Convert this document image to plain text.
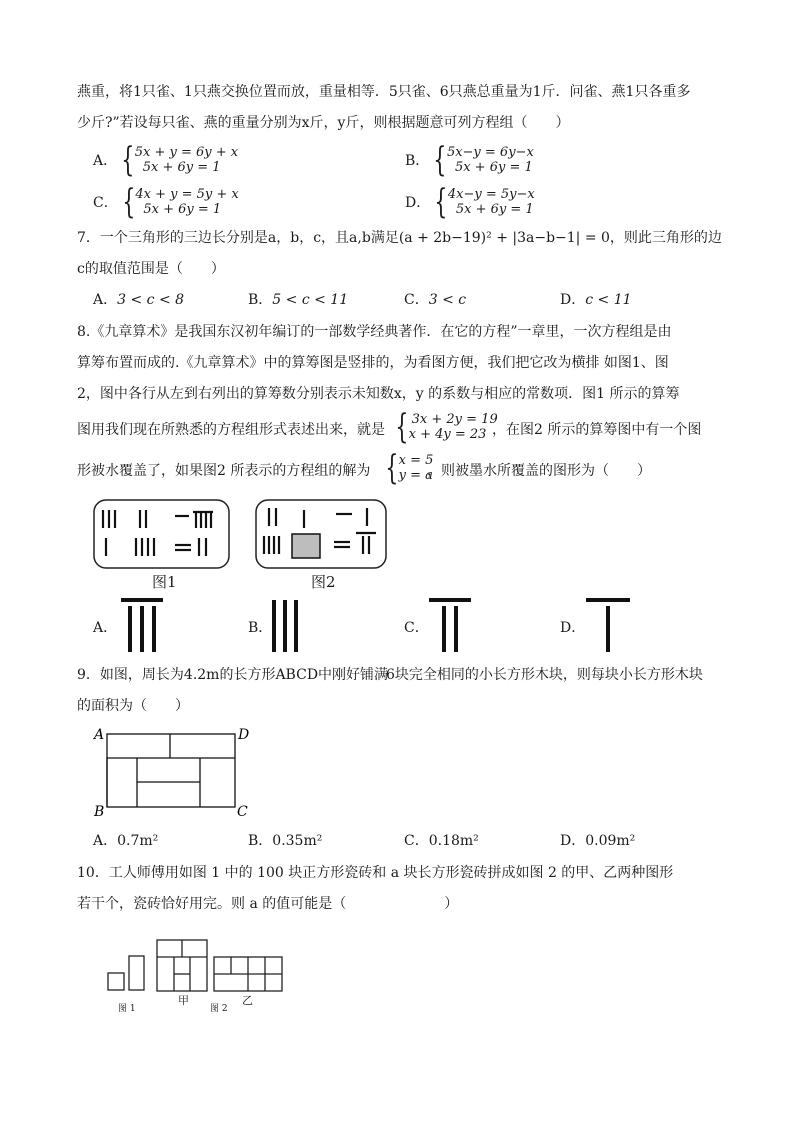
燕重，将1只雀、1只燕交换位置而放，重量相等．5只雀、6只燕总重量为1斤．问雀、燕1只各重多
少斤?”若设每只雀、燕的重量分别为x斤，y斤，则根据题意可列方程组（　　）
A． { 5x + y = 6y + x
5x + 6y = 1	B． { 5x−y = 6y−x
5x + 6y = 1
C． { 4x + y = 5y + x
5x + 6y = 1	D． { 4x−y = 5y−x
5x + 6y = 1
7．一个三角形的三边长分别是a，b，c，且a,b满足(a + 2b−19)² + |3a−b−1| = 0，则此三角形的边
c的取值范围是（　　）
A．3 < c < 8	B．5 < c < 11	C．3 < c	D．c < 11
8.《九章算术》是我国东汉初年编订的一部数学经典著作．在它的方程”一章里，一次方程组是由
算筹布置而成的.《九章算术》中的算筹图是竖排的，为看图方便，我们把它改为横排 如图1、图
2，图中各行从左到右列出的算筹数分别表示未知数x，y 的系数与相应的常数项．图1 所示的算筹
图用我们现在所熟悉的方程组形式表述出来，就是 { 3x + 2y = 19
x + 4y = 23 ，在图2 所示的算筹图中有一个图
形被水覆盖了，如果图2 所表示的方程组的解为 { x = 5
y = a
，则被墨水所覆盖的图形为（　　）
图1	图2
A．	B．	C．	D．
9．如图，周长为4.2m的长方形ABCD中刚好铺满
6块完全相同的小长方形木块，则每块小长方形木块
的面积为（　　）
A	D
B	C
A．0.7m²	B．0.35m²	C．0.18m²	D．0.09m²
10．工人师傅用如图 1 中的 100 块正方形瓷砖和 a 块长方形瓷砖拼成如图 2 的甲、乙两种图形
若干个，瓷砖恰好用完。则 a 的值可能是（　　　　　　　）
图 1
甲
图 2
乙
